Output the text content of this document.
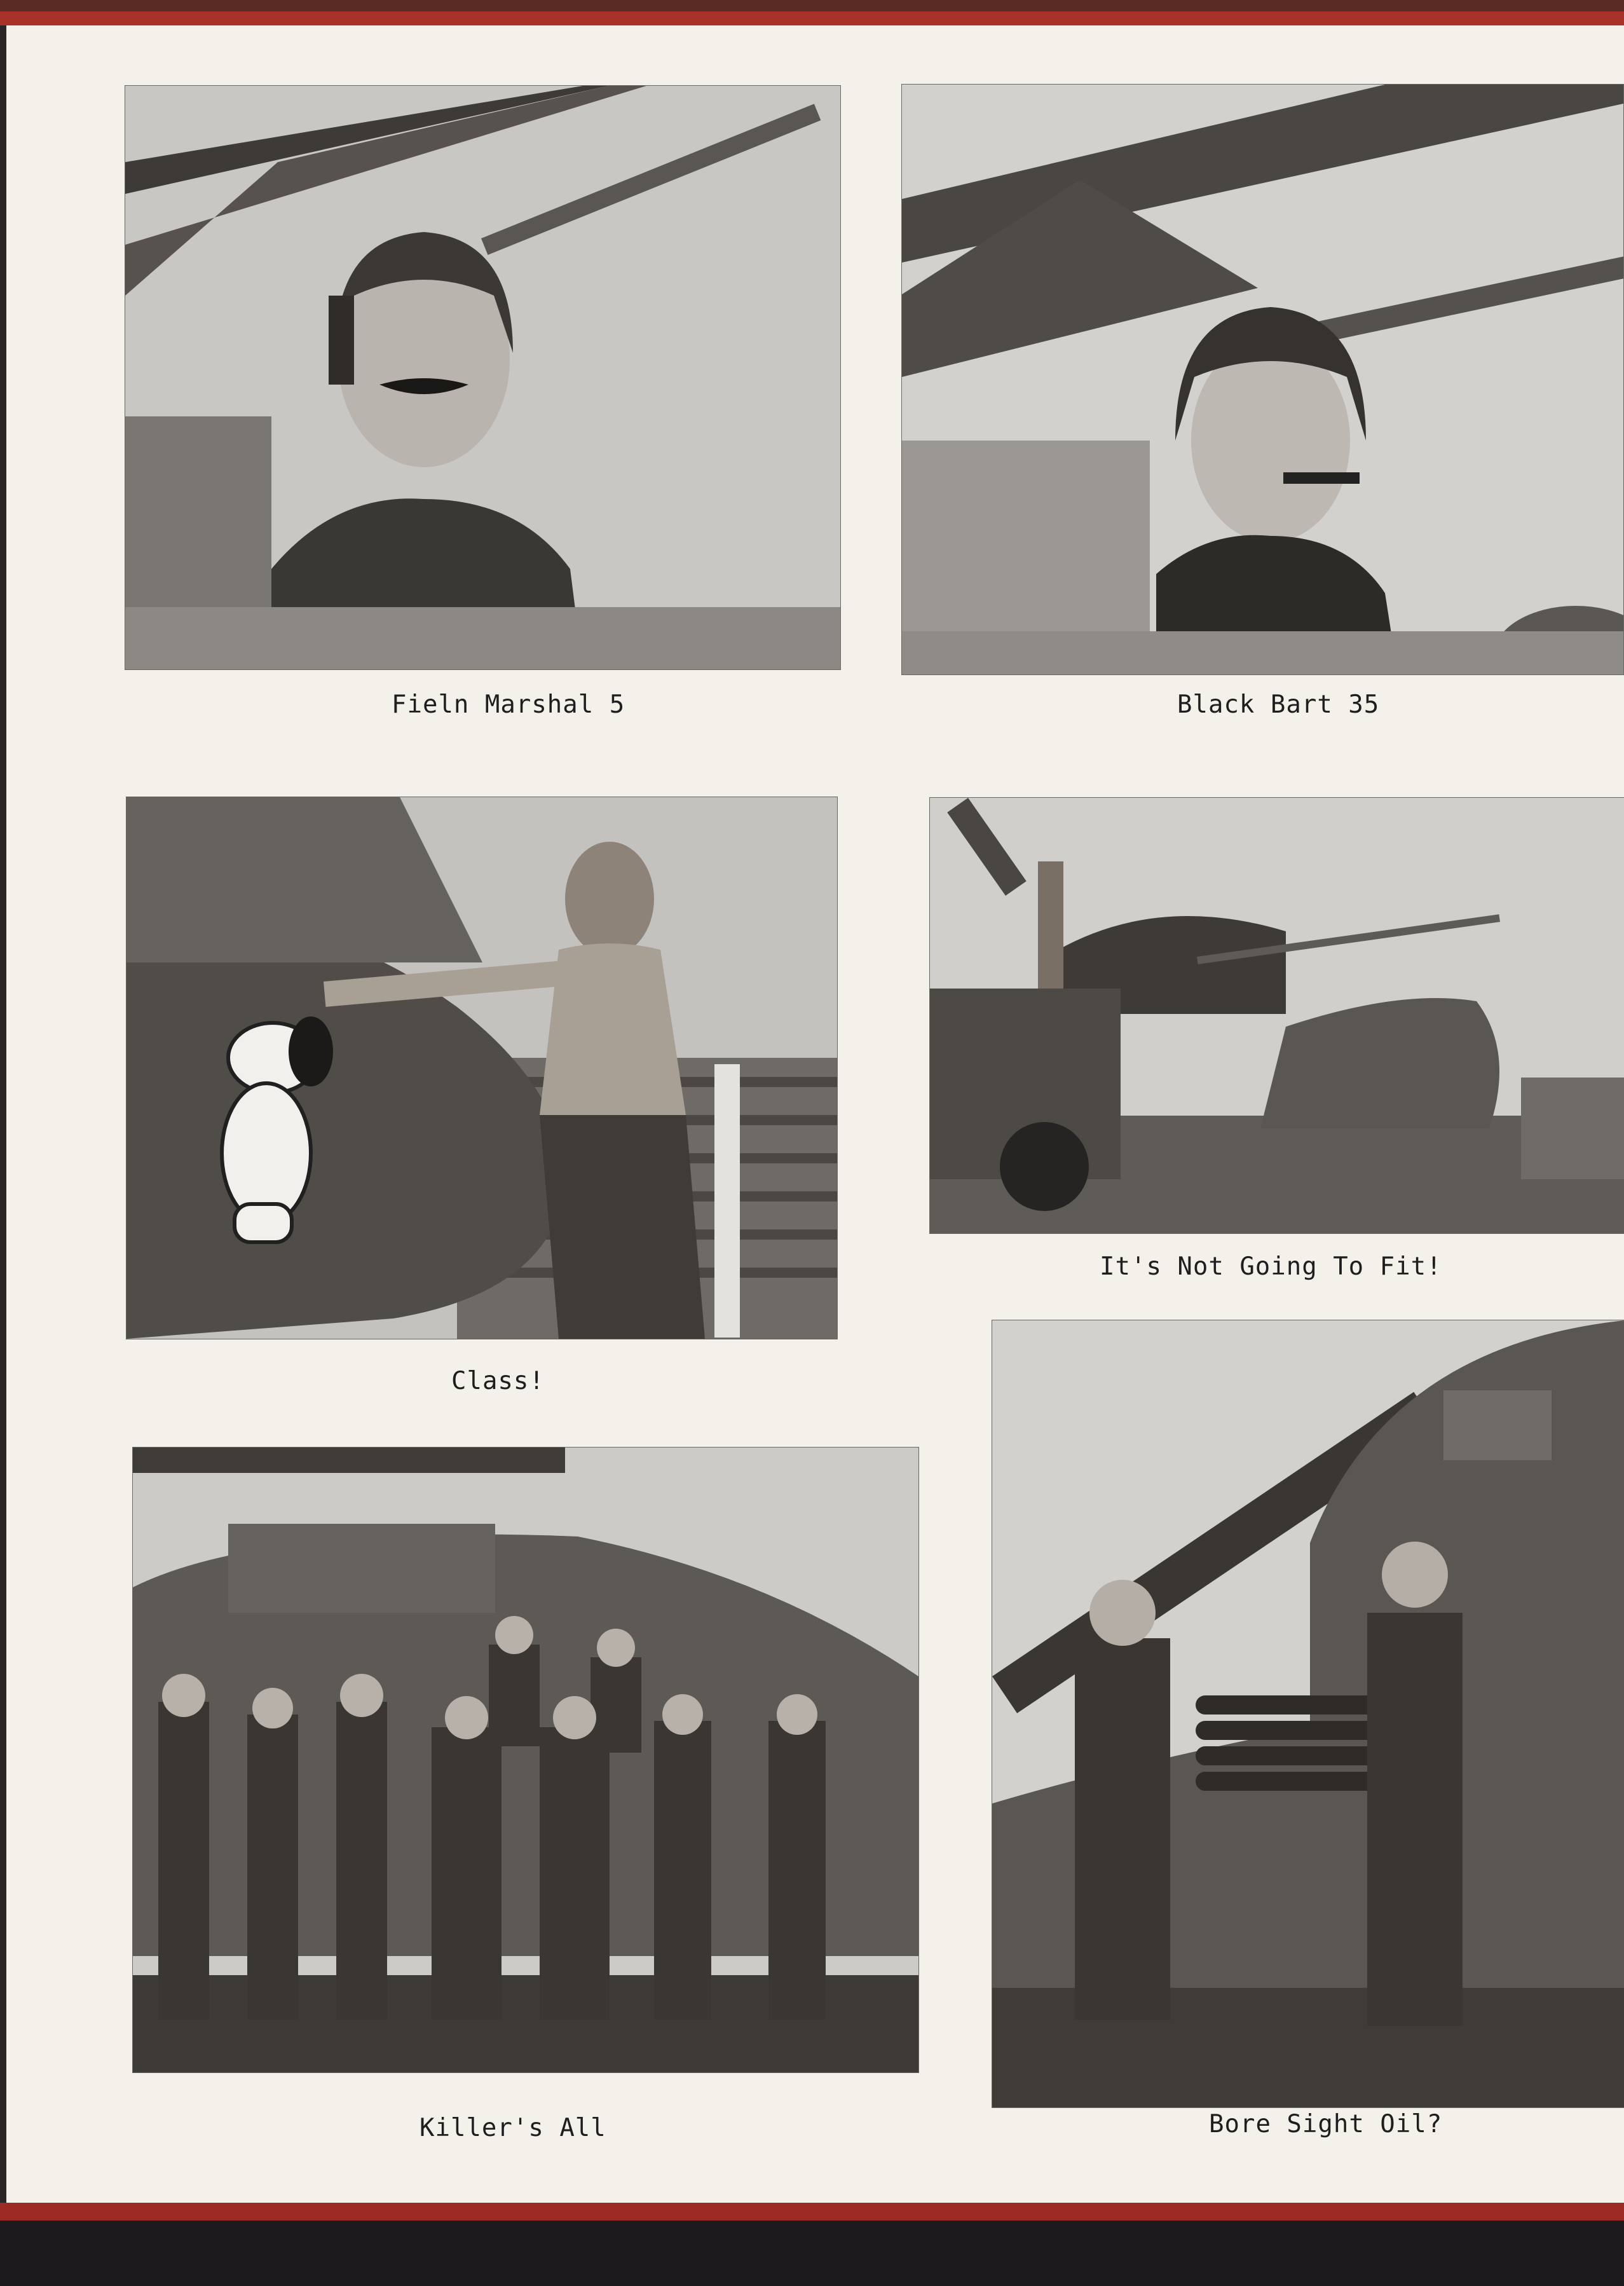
Fieln Marshal 5	Black Bart 35
Class!
It's Not Going To Fit!
Killer's All	Bore Sight Oil?
